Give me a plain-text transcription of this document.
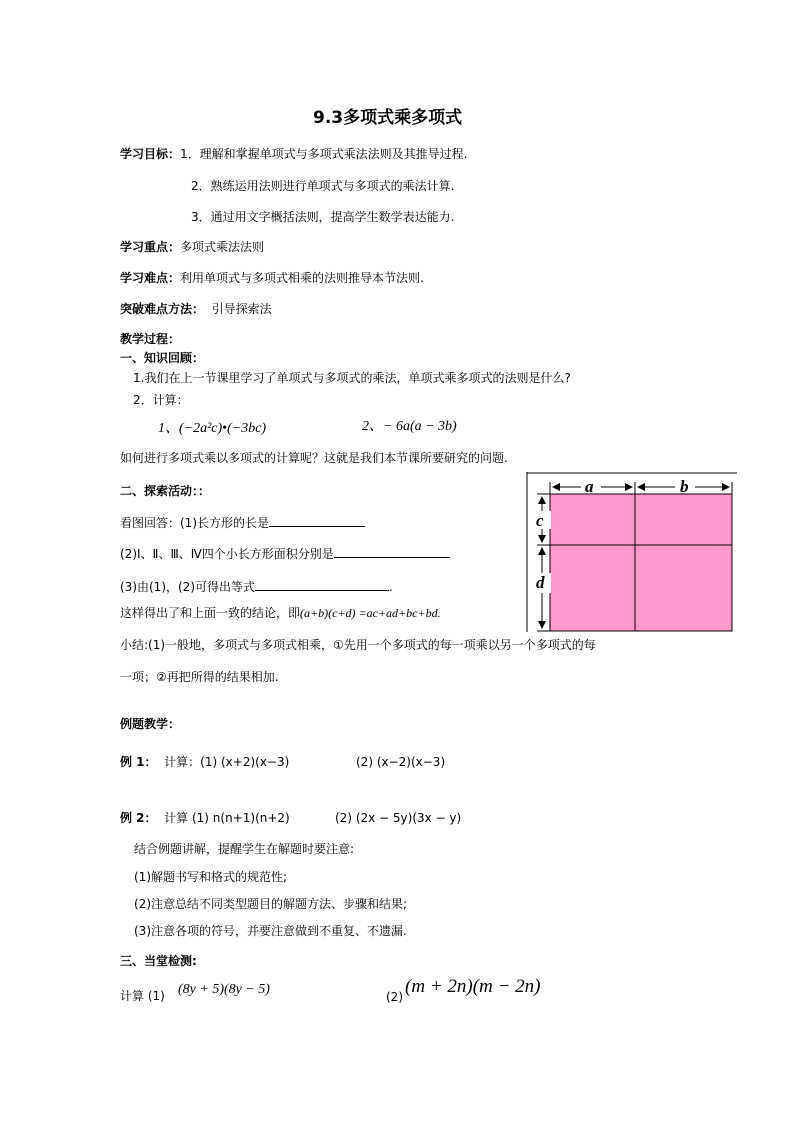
9.3多项式乘多项式
学习目标：1．理解和掌握单项式与多项式乘法法则及其推导过程.
2．熟练运用法则进行单项式与多项式的乘法计算.
3．通过用文字概括法则，提高学生数学表达能力.
学习重点：多项式乘法法则
学习难点：利用单项式与多项式相乘的法则推导本节法则.
突破难点方法： 引导探索法
教学过程：
一、知识回顾：
1.我们在上一节课里学习了单项式与多项式的乘法，单项式乘多项式的法则是什么?
2．计算：
1、(−2a²c)•(−3bc)	2、− 6a(a − 3b)
如何进行多项式乘以多项式的计算呢？这就是我们本节课所要研究的问题.
二、探索活动：：
看图回答：(1)长方形的长是
(2)Ⅰ、Ⅱ、Ⅲ、Ⅳ四个小长方形面积分别是
(3)由(1)，(2)可得出等式	.
这样得出了和上面一致的结论，即(a+b)(c+d) =ac+ad+bc+bd.
小结:(1)一般地，多项式与多项式相乘，①先用一个多项式的每一项乘以另一个多项式的每
一项；②再把所得的结果相加.
a	b
c
d
例题教学：
例 1： 计算：(1) (x+2)(x−3)	(2) (x−2)(x−3)
例 2： 计算 (1) n(n+1)(n+2)	(2) (2x − 5y)(3x − y)
结合例题讲解，提醒学生在解题时要注意:
(1)解题书写和格式的规范性;
(2)注意总结不同类型题目的解题方法、步骤和结果;
(3)注意各项的符号，并要注意做到不重复、不遗漏.
三、当堂检测:
计算 (1) (8y + 5)(8y − 5)	(2) (m + 2n)(m − 2n)
